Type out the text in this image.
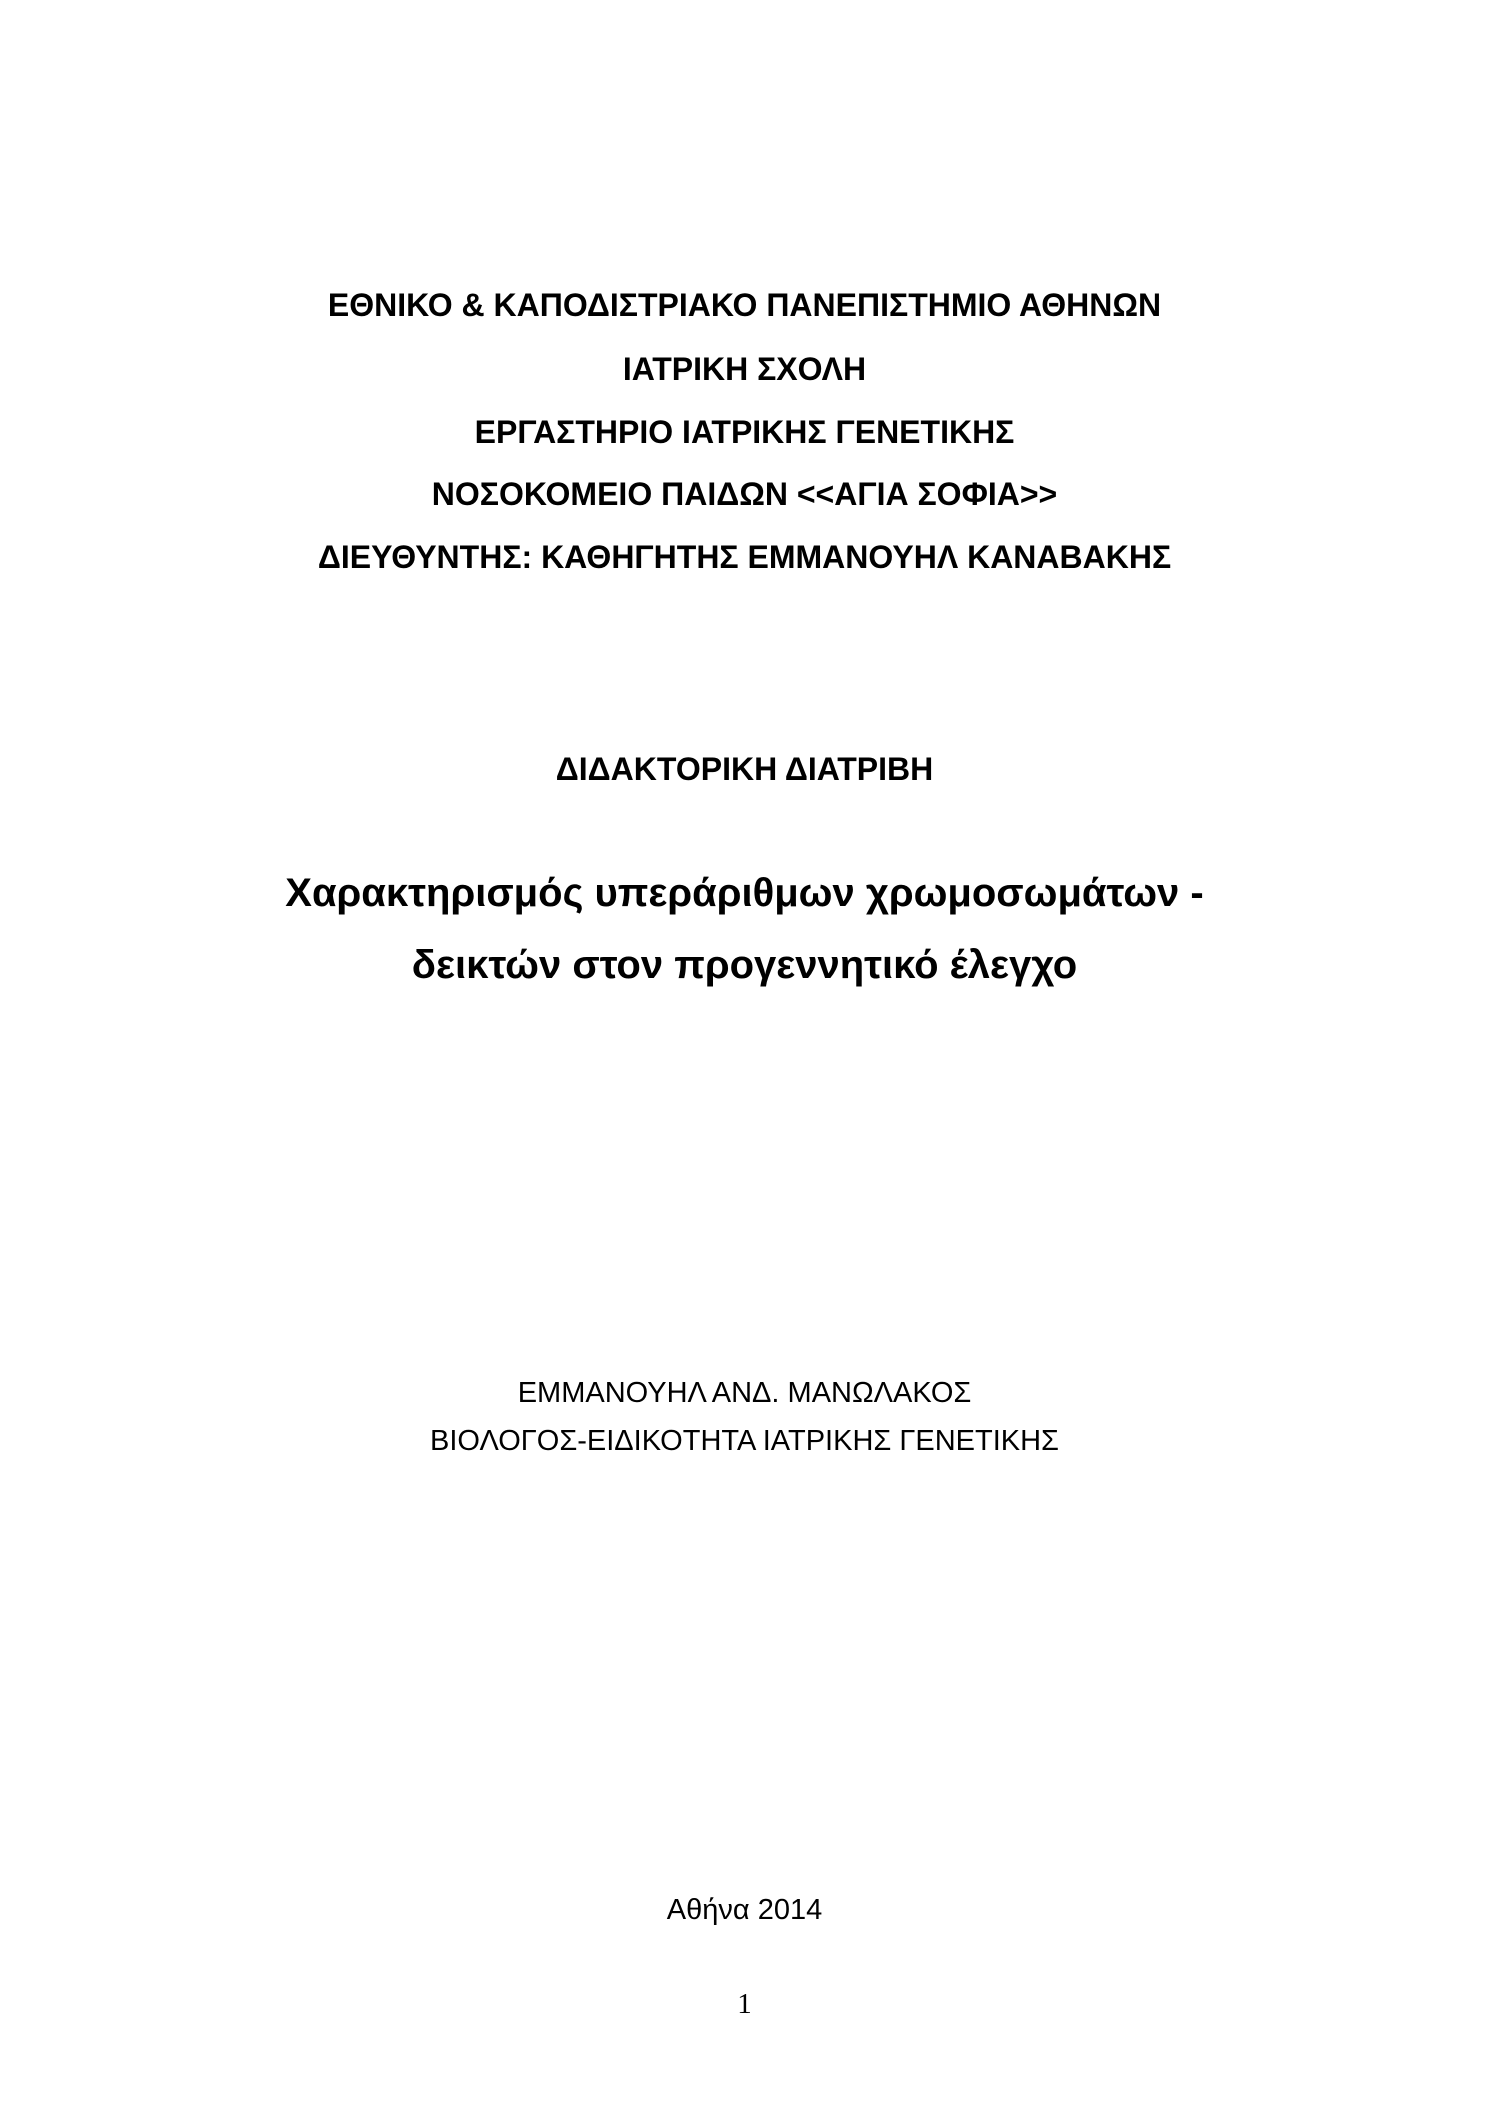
ΕΘΝΙΚΟ & ΚΑΠΟΔΙΣΤΡΙΑΚΟ ΠΑΝΕΠΙΣΤΗΜΙΟ ΑΘΗΝΩΝ
ΙΑΤΡΙΚΗ ΣΧΟΛΗ
ΕΡΓΑΣΤΗΡΙΟ ΙΑΤΡΙΚΗΣ ΓΕΝΕΤΙΚΗΣ
ΝΟΣΟΚΟΜΕΙΟ ΠΑΙΔΩΝ <<ΑΓΙΑ ΣΟΦΙΑ>>
ΔΙΕΥΘΥΝΤΗΣ: ΚΑΘΗΓΗΤΗΣ ΕΜΜΑΝΟΥΗΛ ΚΑΝΑΒΑΚΗΣ
ΔΙΔΑΚΤΟΡΙΚΗ ΔΙΑΤΡΙΒΗ
Χαρακτηρισμός υπεράριθμων χρωμοσωμάτων -
δεικτών στον προγεννητικό έλεγχο
ΕΜΜΑΝΟΥΗΛ ΑΝΔ. ΜΑΝΩΛΑΚΟΣ
ΒΙΟΛΟΓΟΣ-ΕΙΔΙΚΟΤΗΤΑ ΙΑΤΡΙΚΗΣ ΓΕΝΕΤΙΚΗΣ
Αθήνα 2014
1
